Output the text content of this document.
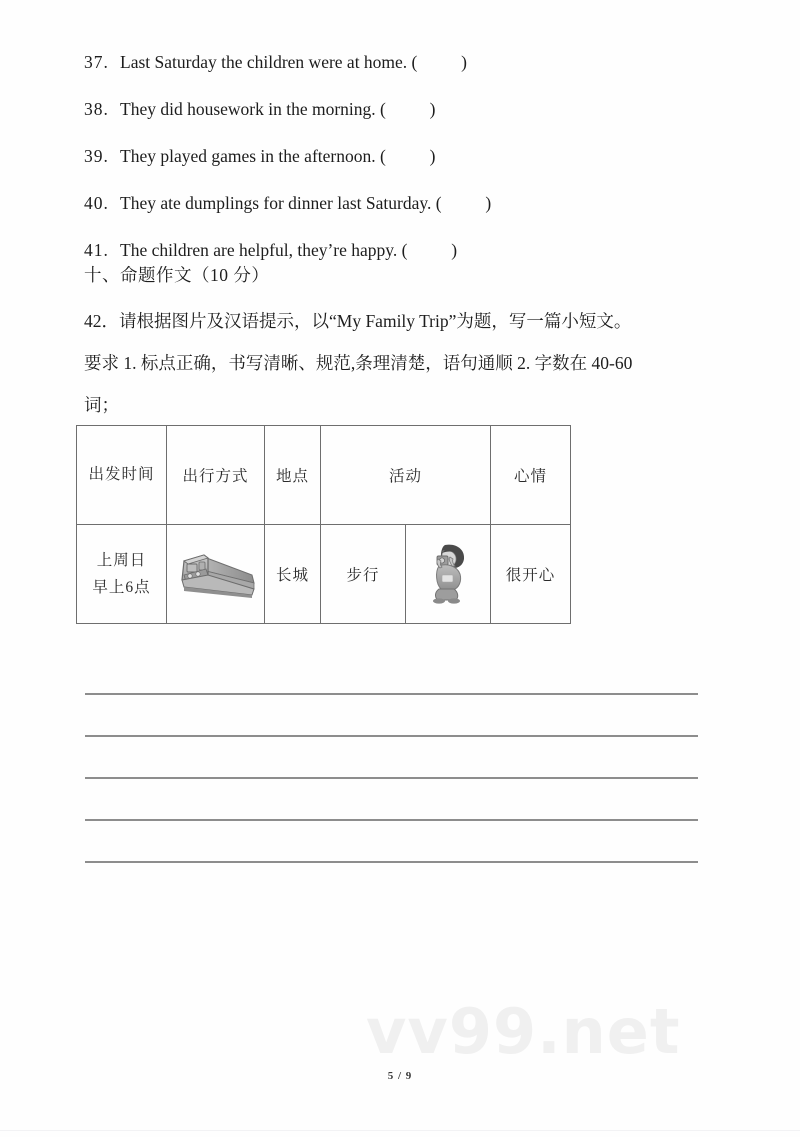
vv99.net
37. Last Saturday the children were at home. ( )
38. They did housework in the morning. ( )
39. They played games in the afternoon. ( )
40. They ate dumplings for dinner last Saturday. ( )
41. The children are helpful, they’re happy. ( )
十、命题作文（10 分）
42．请根据图片及汉语提示，以“My Family Trip”为题，写一篇小短文。
要求 1. 标点正确，书写清晰、规范,条理清楚，语句通顺 2. 字数在 40-60
词；
出发时间	出行方式	地点	活动		心情

上周日
早上6点		长城	步行		很开心
5 / 9
